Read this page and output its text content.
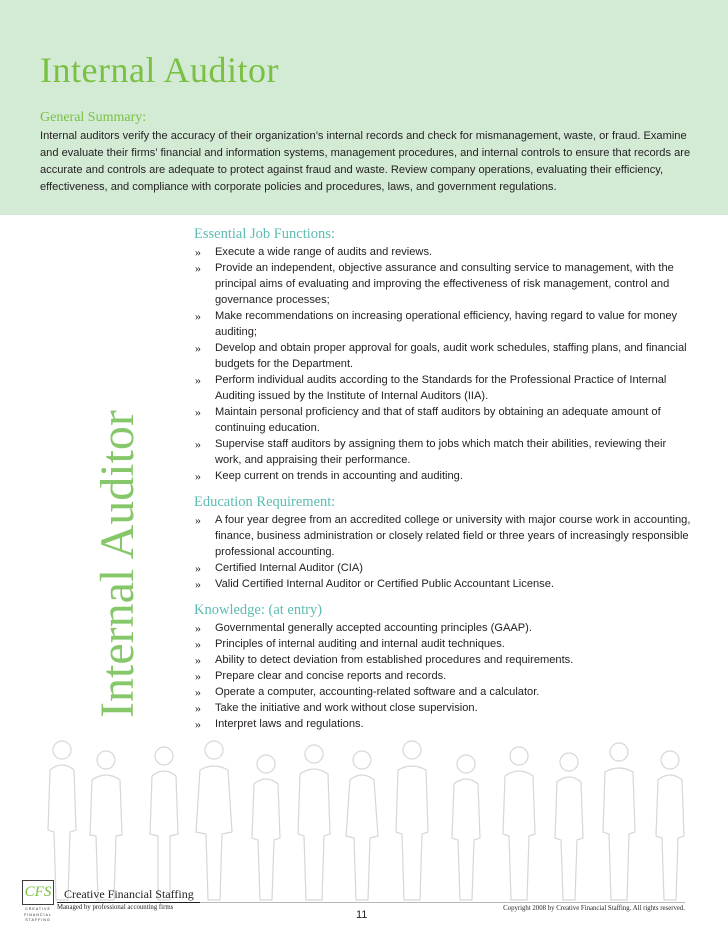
Internal Auditor
General Summary:

Internal auditors verify the accuracy of their organization’s internal records and check for mismanagement, waste, or fraud. Examine and evaluate their firms’ financial and information systems, management procedures, and internal controls to ensure that records are accurate and controls are adequate to protect against fraud and waste. Review company operations, evaluating their efficiency, effectiveness, and compliance with corporate policies and procedures, laws, and government regulations.

Internal Auditor
Essential Job Functions:
» Execute a wide range of audits and reviews.
» Provide an independent, objective assurance and consulting service to management, with the principal aims of evaluating and improving the effectiveness of risk management, control and governance processes;
» Make recommendations on increasing operational efficiency, having regard to value for money auditing;
» Develop and obtain proper approval for goals, audit work schedules, staffing plans, and financial budgets for the Department.
» Perform individual audits according to the Standards for the Professional Practice of Internal Auditing issued by the Institute of Internal Auditors (IIA).
» Maintain personal proficiency and that of staff auditors by obtaining an adequate amount of continuing education.
» Supervise staff auditors by assigning them to jobs which match their abilities, reviewing their work, and appraising their performance.
» Keep current on trends in accounting and auditing.
Education Requirement:
» A four year degree from an accredited college or university with major course work in accounting, finance, business administration or closely related field or three years of increasingly responsible professional accounting.
» Certified Internal Auditor (CIA)
» Valid Certified Internal Auditor or Certified Public Accountant License.
Knowledge: (at entry)
» Governmental generally accepted accounting principles (GAAP).
» Principles of internal auditing and internal audit techniques.
» Ability to detect deviation from established procedures and requirements.
» Prepare clear and concise reports and records.
» Operate a computer, accounting-related software and a calculator.
» Take the initiative and work without close supervision.
» Interpret laws and regulations.
CFS
CREATIVE
FINANCIAL
STAFFING
Creative Financial Staffing
Managed by professional accounting firms	Copyright 2008 by Creative Financial Staffing. All rights reserved.
11
